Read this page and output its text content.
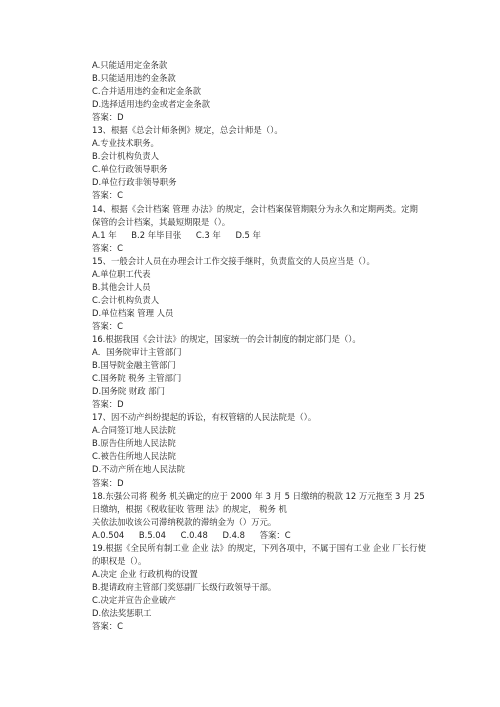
A.只能适用定金条款
B.只能适用违约金条款
C.合并适用违约金和定金条款
D.选择适用违约金或者定金条款
答案：D
13、根据《总会计师条例》规定，总会计师是（）。
A.专业技术职务。
B.会计机构负责人
C.单位行政领导职务
D.单位行政非领导职务
答案：C
14、根据《会计档案 管理 办法》的规定，会计档案保管期限分为永久和定期两类。定期保管的会计档案，其最短期限是（）。
A.1 年 B.2 年毕目张 C.3 年 D.5 年
答案：C
15、一般会计人员在办理会计工作交接手继时，负责监交的人员应当是（）。
A.单位职工代表
B.其他会计人员
C.会计机构负责人
D.单位档案 管理 人员
答案：C
16.根据我国《会计法》的规定，国家统一的会计制度的制定部门是（）。
A．国务院审计主管部门
B.国导院金融主管部门
C.国务院 税务 主管部门
D.国务院 财政 部门
答案：D
17、因不动产纠纷提起的诉讼，有权管辖的人民法院是（）。
A.合同签订地人民法院
B.原告住所地人民法院
C.被告住所地人民法院
D.不动产所在地人民法院
答案：D
18.东强公司将 税务 机关确定的应于 2000 年 3 月 5 日缴纳的税款 12 万元拖至 3 月 25 日缴纳，根据《税收征收 管理 法》的规定， 税务 机
关依法加收该公司滞纳税款的滞纳金为（）万元。
A.0.504 B.5.04 C.0.48 D.4.8 答案：C
19.根据《全民所有制工业 企业 法》的规定，下列各项中，不属于国有工业 企业 厂长行使的职权是（）。
A.决定 企业 行政机构的设置
B.提请政府主管部门奖惩副厂长级行政领导干部。
C.决定并宣告企业破产
D.依法奖惩职工
答案：C
